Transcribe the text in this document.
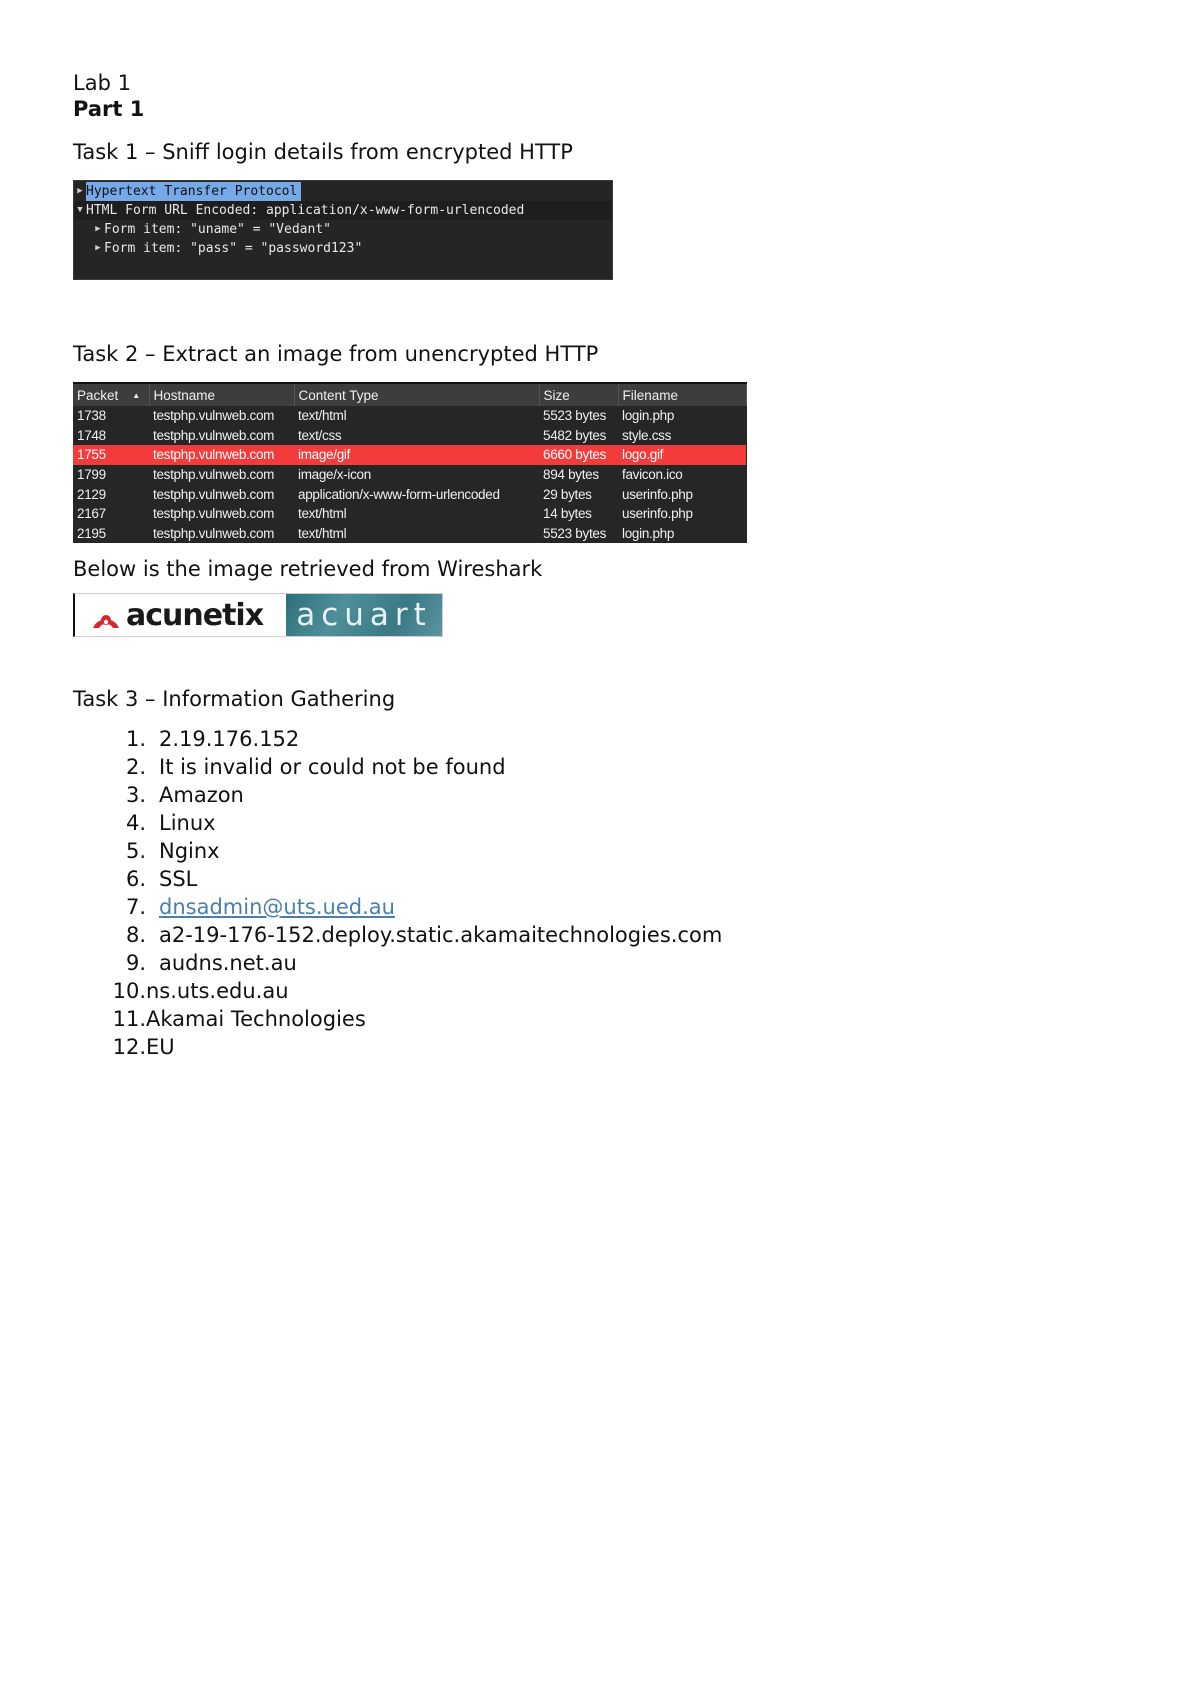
Lab 1

Part 1

Task 1 – Sniff login details from encrypted HTTP

▶ Hypertext Transfer Protocol
▼ HTML Form URL Encoded: application/x-www-form-urlencoded
▶ Form item: "uname" = "Vedant"
▶ Form item: "pass" = "password123"

Task 2 – Extract an image from unencrypted HTTP

Packet ▲	Hostname	Content Type	Size	Filename
1738	testphp.vulnweb.com	text/html	5523 bytes	login.php
1748	testphp.vulnweb.com	text/css	5482 bytes	style.css
1755	testphp.vulnweb.com	image/gif	6660 bytes	logo.gif
1799	testphp.vulnweb.com	image/x-icon	894 bytes	favicon.ico
2129	testphp.vulnweb.com	application/x-www-form-urlencoded	29 bytes	userinfo.php
2167	testphp.vulnweb.com	text/html	14 bytes	userinfo.php
2195	testphp.vulnweb.com	text/html	5523 bytes	login.php

Below is the image retrieved from Wireshark

acunetix acuart

Task 3 – Information Gathering

1. 2.19.176.152
2. It is invalid or could not be found
3. Amazon
4. Linux
5. Nginx
6. SSL
7. dnsadmin@uts.ued.au
8. a2-19-176-152.deploy.static.akamaitechnologies.com
9. audns.net.au
10. ns.uts.edu.au
11. Akamai Technologies
12. EU
